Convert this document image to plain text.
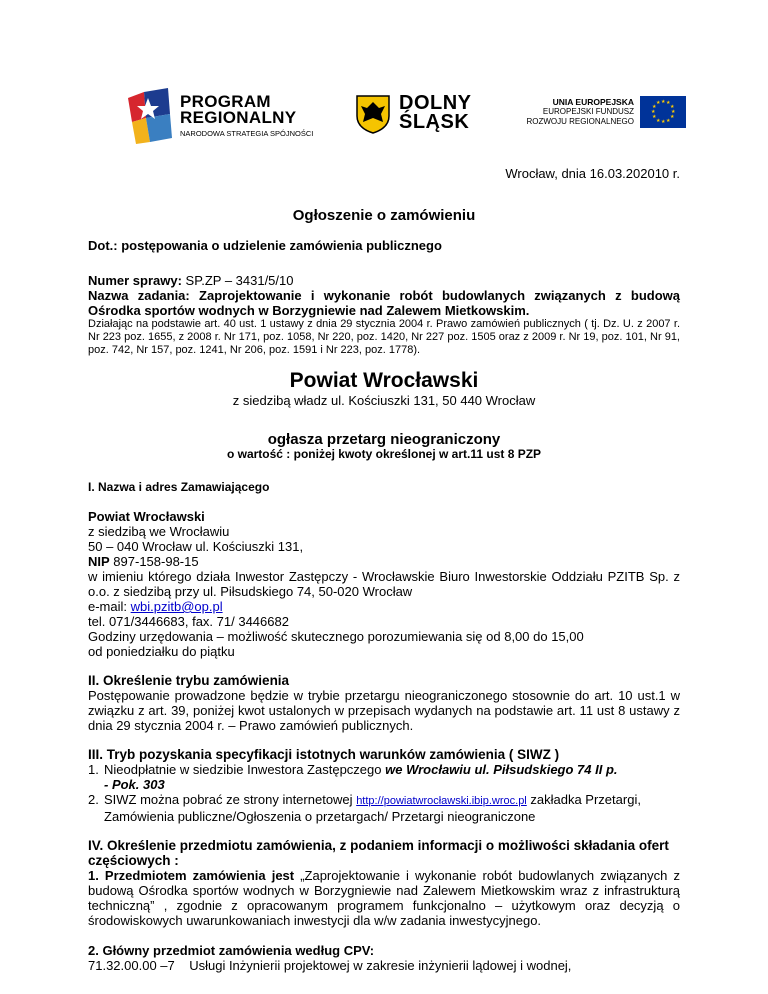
PROGRAM
REGIONALNY
NARODOWA STRATEGIA SPÓJNOŚCI
DOLNY
ŚLĄSK
UNIA EUROPEJSKA
EUROPEJSKI FUNDUSZ
ROZWOJU REGIONALNEGO
★ ★
★
★
★
★
★
★
★
★
★
★
Wrocław, dnia 16.03.202010 r.
Ogłoszenie o zamówieniu
Dot.: postępowania o udzielenie zamówienia publicznego
Numer sprawy: SP.ZP – 3431/5/10
Nazwa zadania: Zaprojektowanie i wykonanie robót budowlanych związanych z budową Ośrodka sportów wodnych w Borzygniewie nad Zalewem Mietkowskim.
Działając na podstawie art. 40 ust. 1 ustawy z dnia 29 stycznia 2004 r. Prawo zamówień publicznych ( tj. Dz. U. z 2007 r. Nr 223 poz. 1655, z 2008 r. Nr 171, poz. 1058, Nr 220, poz. 1420, Nr 227 poz. 1505 oraz z 2009 r. Nr 19, poz. 101, Nr 91, poz. 742, Nr 157, poz. 1241, Nr 206, poz. 1591 i Nr 223, poz. 1778).
Powiat Wrocławski
z siedzibą władz ul. Kościuszki 131, 50 440 Wrocław
ogłasza przetarg nieograniczony
o wartość : poniżej kwoty określonej w art.11 ust 8 PZP
I. Nazwa i adres Zamawiającego
Powiat Wrocławski
z siedzibą we Wrocławiu
50 – 040 Wrocław ul. Kościuszki 131,
NIP 897-158-98-15
w imieniu którego działa Inwestor Zastępczy - Wrocławskie Biuro Inwestorskie Oddziału PZITB Sp. z o.o. z siedzibą przy ul. Piłsudskiego 74, 50-020 Wrocław
e-mail: wbi.pzitb@op.pl
tel. 071/3446683, fax. 71/ 3446682
Godziny urzędowania – możliwość skutecznego porozumiewania się od 8,00 do 15,00
od poniedziałku do piątku
II. Określenie trybu zamówienia
Postępowanie prowadzone będzie w trybie przetargu nieograniczonego stosownie do art. 10 ust.1 w związku z art. 39, poniżej kwot ustalonych w przepisach wydanych na podstawie art. 11 ust 8 ustawy z dnia 29 stycznia 2004 r. – Prawo zamówień publicznych.
III. Tryb pozyskania specyfikacji istotnych warunków zamówienia ( SIWZ )
1. Nieodpłatnie w siedzibie Inwestora Zastępczego we Wrocławiu ul. Piłsudskiego 74 II p.
- Pok. 303
2. SIWZ można pobrać ze strony internetowej http://powiatwrocławski.ibip.wroc.pl zakładka Przetargi, Zamówienia publiczne/Ogłoszenia o przetargach/ Przetargi nieograniczone
IV. Określenie przedmiotu zamówienia, z podaniem informacji o możliwości składania ofert częściowych :
1. Przedmiotem zamówienia jest „Zaprojektowanie i wykonanie robót budowlanych związanych z budową Ośrodka sportów wodnych w Borzygniewie nad Zalewem Mietkowskim wraz z infrastrukturą techniczną” , zgodnie z opracowanym programem funkcjonalno – użytkowym oraz decyzją o środowiskowych uwarunkowaniach inwestycji dla w/w zadania inwestycyjnego.
2. Główny przedmiot zamówienia według CPV:
71.32.00.00 –7 Usługi Inżynierii projektowej w zakresie inżynierii lądowej i wodnej,
